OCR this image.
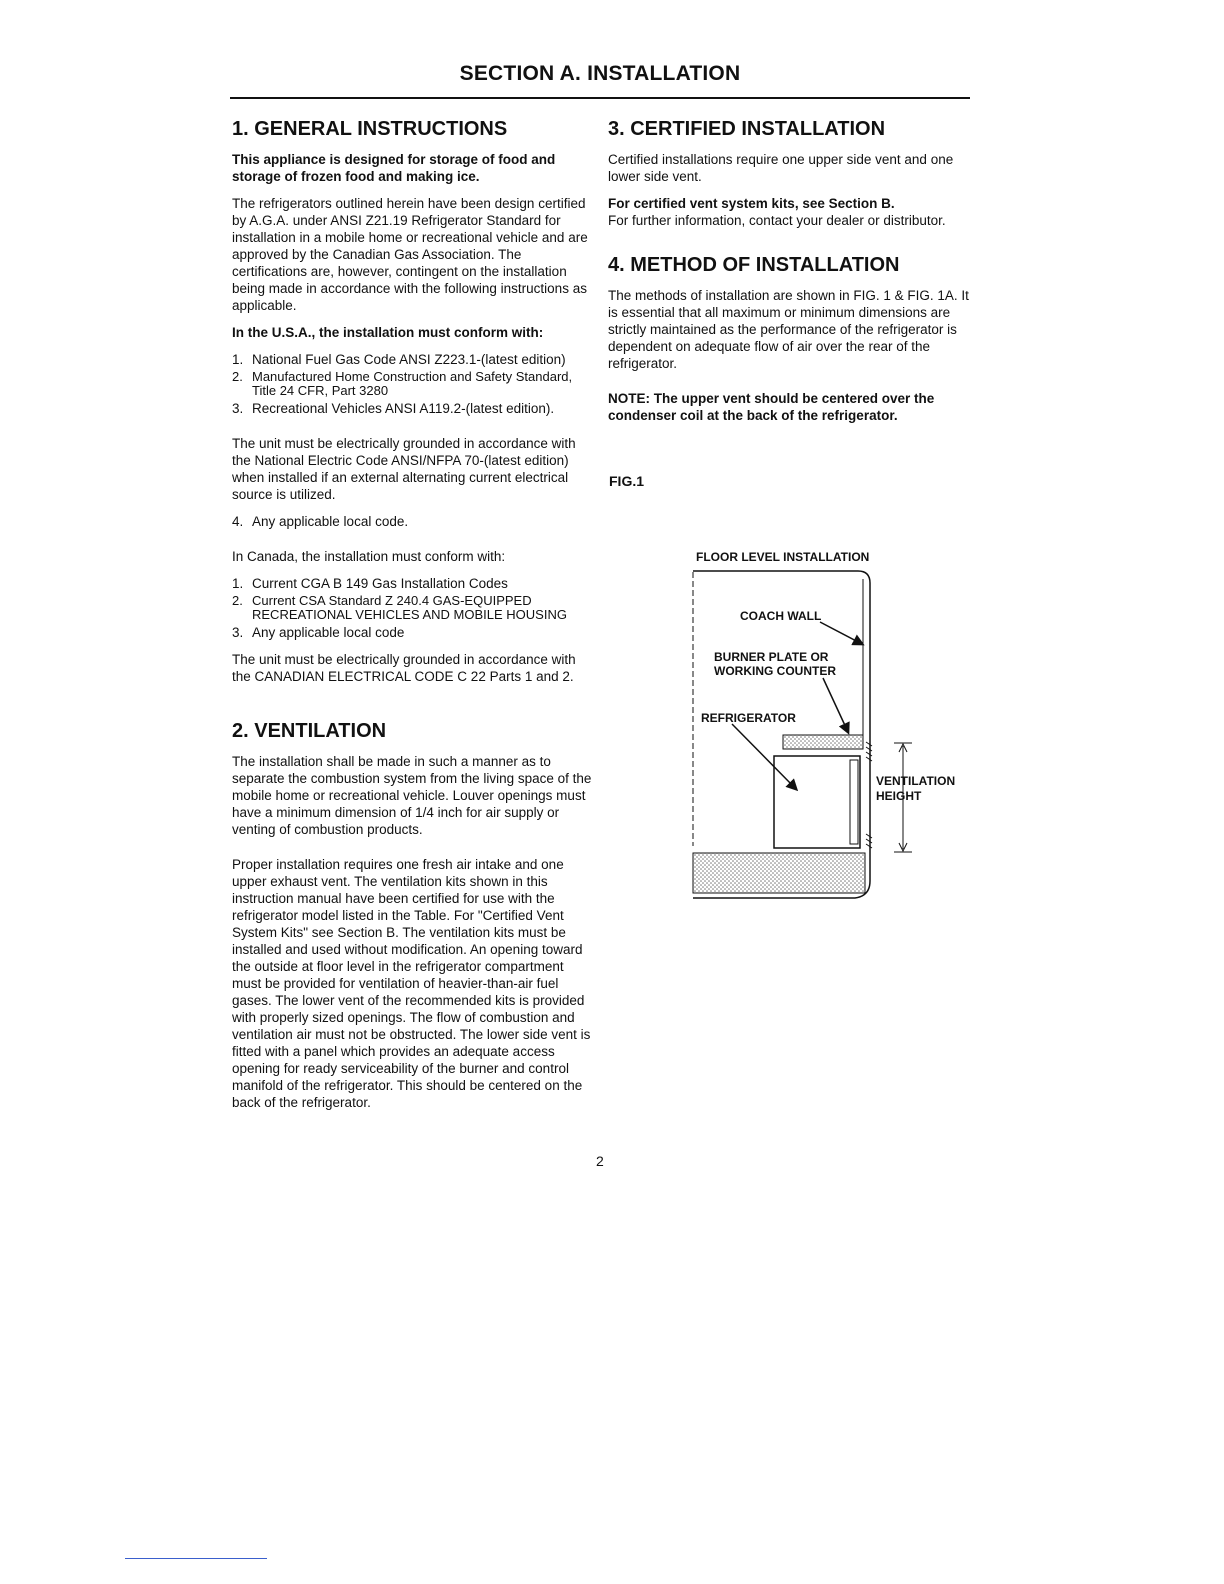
SECTION A. INSTALLATION
1. GENERAL INSTRUCTIONS

This appliance is designed for storage of food and storage of frozen food and making ice.

The refrigerators outlined herein have been design certified by A.G.A. under ANSI Z21.19 Refrigerator Standard for installation in a mobile home or recreational vehicle and are approved by the Canadian Gas Association. The certifications are, however, contingent on the installation being made in accordance with the following instructions as applicable.

In the U.S.A., the installation must conform with:

1. National Fuel Gas Code ANSI Z223.1-(latest edition)
2. Manufactured Home Construction and Safety Standard, Title 24 CFR, Part 3280
3. Recreational Vehicles ANSI A119.2-(latest edition).

The unit must be electrically grounded in accordance with the National Electric Code ANSI/NFPA 70-(latest edition) when installed if an external alternating current electrical source is utilized.

4. Any applicable local code.

In Canada, the installation must conform with:

1. Current CGA B 149 Gas Installation Codes
2. Current CSA Standard Z 240.4 GAS-EQUIPPED RECREATIONAL VEHICLES AND MOBILE HOUSING
3. Any applicable local code

The unit must be electrically grounded in accordance with the CANADIAN ELECTRICAL CODE C 22 Parts 1 and 2.

2. VENTILATION

The installation shall be made in such a manner as to separate the combustion system from the living space of the mobile home or recreational vehicle. Louver openings must have a minimum dimension of 1/4 inch for air supply or venting of combustion products.

Proper installation requires one fresh air intake and one upper exhaust vent. The ventilation kits shown in this instruction manual have been certified for use with the refrigerator model listed in the Table. For "Certified Vent System Kits" see Section B. The ventilation kits must be installed and used without modification. An opening toward the outside at floor level in the refrigerator compartment must be provided for ventilation of heavier-than-air fuel gases. The lower vent of the recommended kits is provided with properly sized openings. The flow of combustion and ventilation air must not be obstructed. The lower side vent is fitted with a panel which provides an adequate access opening for ready serviceability of the burner and control manifold of the refrigerator. This should be centered on the back of the refrigerator.

3. CERTIFIED INSTALLATION

Certified installations require one upper side vent and one lower side vent.

For certified vent system kits, see Section B.

For further information, contact your dealer or distributor.

4. METHOD OF INSTALLATION

The methods of installation are shown in FIG. 1 & FIG. 1A. It is essential that all maximum or minimum dimensions are strictly maintained as the performance of the refrigerator is dependent on adequate flow of air over the rear of the refrigerator.

NOTE: The upper vent should be centered over the condenser coil at the back of the refrigerator.

FIG.1
FLOOR LEVEL INSTALLATION
COACH WALL
BURNER PLATE OR
WORKING COUNTER
REFRIGERATOR
VENTILATION
HEIGHT
2
